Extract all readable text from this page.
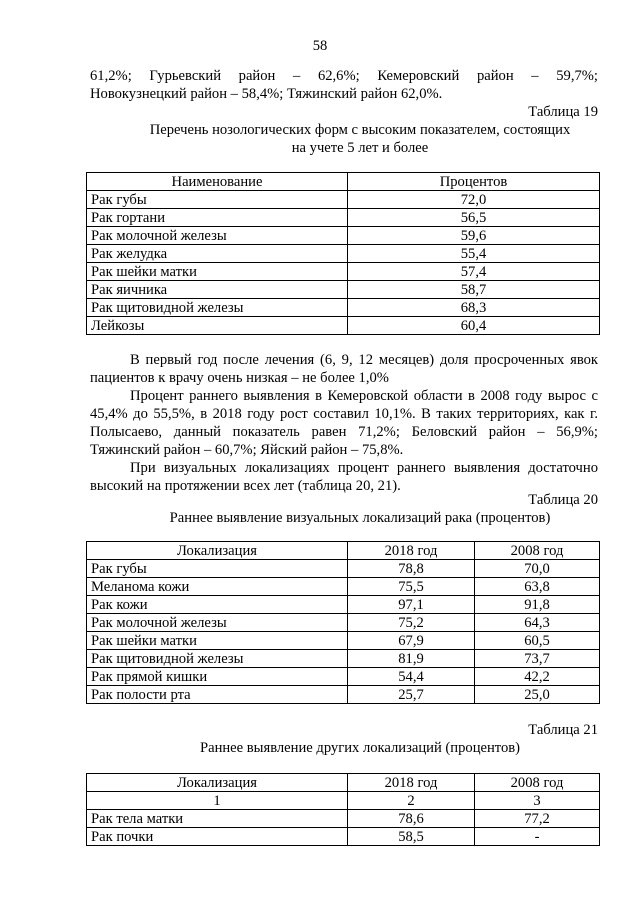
58
61,2%; Гурьевский район – 62,6%; Кемеровский район – 59,7%;
Новокузнецкий район – 58,4%; Тяжинский район 62,0%.
Таблица 19
Перечень нозологических форм с высоким показателем, состоящих
на учете 5 лет и более
Наименование	Процентов
Рак губы	72,0
Рак гортани	56,5
Рак молочной железы	59,6
Рак желудка	55,4
Рак шейки матки	57,4
Рак яичника	58,7
Рак щитовидной железы	68,3
Лейкозы	60,4
В первый год после лечения (6, 9, 12 месяцев) доля просроченных явок пациентов к врачу очень низкая – не более 1,0%
Процент раннего выявления в Кемеровской области в 2008 году вырос с 45,4% до 55,5%, в 2018 году рост составил 10,1%. В таких территориях, как г. Полысаево, данный показатель равен 71,2%; Беловский район – 56,9%; Тяжинский район – 60,7%; Яйский район – 75,8%.
При визуальных локализациях процент раннего выявления достаточно высокий на протяжении всех лет (таблица 20, 21).
Таблица 20
Раннее выявление визуальных локализаций рака (процентов)
Локализация	2018 год	2008 год
Рак губы	78,8	70,0
Меланома кожи	75,5	63,8
Рак кожи	97,1	91,8
Рак молочной железы	75,2	64,3
Рак шейки матки	67,9	60,5
Рак щитовидной железы	81,9	73,7
Рак прямой кишки	54,4	42,2
Рак полости рта	25,7	25,0
Таблица 21
Раннее выявление других локализаций (процентов)
Локализация	2018 год	2008 год
1	2	3
Рак тела матки	78,6	77,2
Рак почки	58,5	-
